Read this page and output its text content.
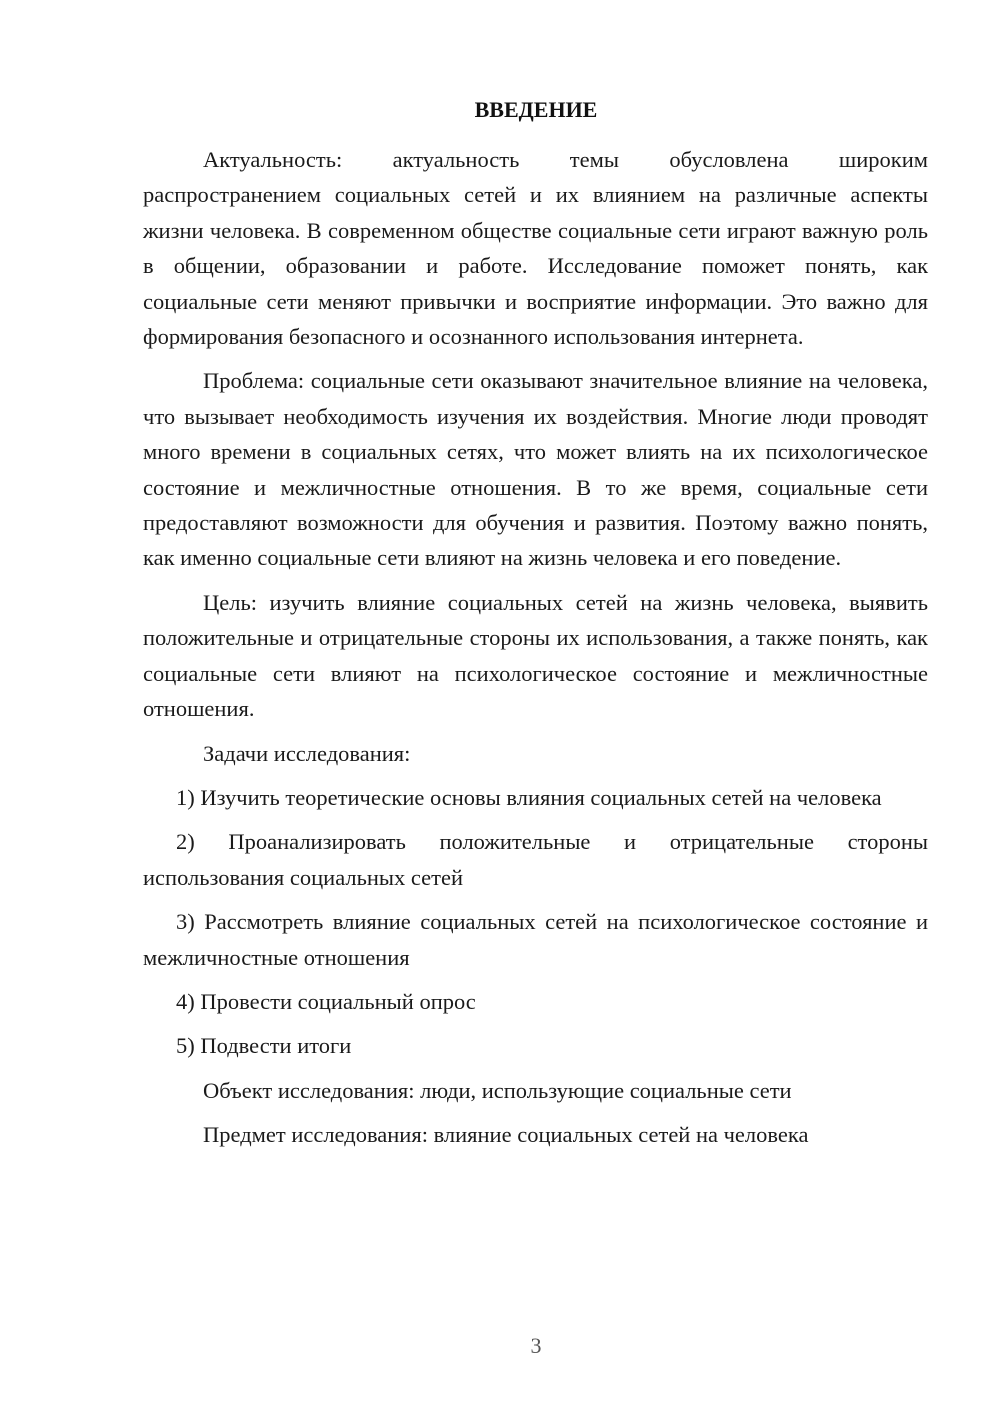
ВВЕДЕНИЕ

Актуальность: актуальность темы обусловлена широким распространением социальных сетей и их влиянием на различные аспекты жизни человека. В современном обществе социальные сети играют важную роль в общении, образовании и работе. Исследование поможет понять, как социальные сети меняют привычки и восприятие информации. Это важно для формирования безопасного и осознанного использования интернета.

Проблема: социальные сети оказывают значительное влияние на человека, что вызывает необходимость изучения их воздействия. Многие люди проводят много времени в социальных сетях, что может влиять на их психологическое состояние и межличностные отношения. В то же время, социальные сети предоставляют возможности для обучения и развития. Поэтому важно понять, как именно социальные сети влияют на жизнь человека и его поведение.

Цель: изучить влияние социальных сетей на жизнь человека, выявить положительные и отрицательные стороны их использования, а также понять, как социальные сети влияют на психологическое состояние и межличностные отношения.

Задачи исследования:

1) Изучить теоретические основы влияния социальных сетей на человека

2) Проанализировать положительные и отрицательные стороны использования социальных сетей

3) Рассмотреть влияние социальных сетей на психологическое состояние и межличностные отношения

4) Провести социальный опрос

5) Подвести итоги

Объект исследования: люди, использующие социальные сети

Предмет исследования: влияние социальных сетей на человека

3
